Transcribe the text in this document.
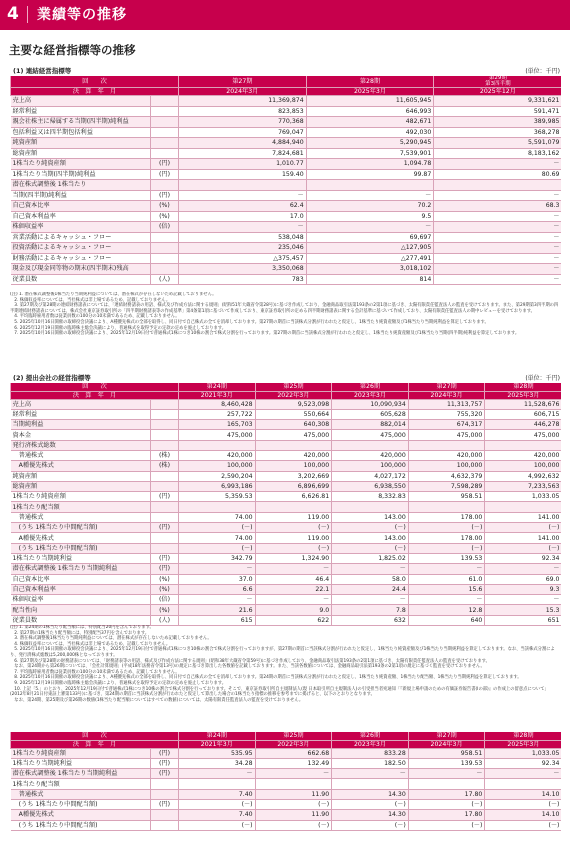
4 業績等の推移
主要な経営指標等の推移
(1) 連結経営指標等	(単位：千円)
回　　次		第27期	第28期	第29期
第3四半期
決　算　年　月		2024年3月	2025年3月	2025年12月
売上高		11,369,874	11,605,945	9,331,621
経常利益		823,853	646,993	591,471
親会社株主に帰属する当期(四半期)純利益		770,368	482,671	389,985
包括利益又は四半期包括利益		769,047	492,030	368,278
純資産額		4,884,940	5,290,945	5,591,079
総資産額		7,824,681	7,539,901	8,183,162
1株当たり純資産額	(円)	1,010.77	1,094.78	－
1株当たり当期(四半期)純利益	(円)	159.40	99.87	80.69
潜在株式調整後 1株当たり				
当期(四半期)純利益	(円)	－	－	－
自己資本比率	(%)	62.4	70.2	68.3
自己資本利益率	(%)	17.0	9.5	－
株価収益率	(倍)	－	－	－
営業活動によるキャッシュ・フロー		538,048	69,697	－
投資活動によるキャッシュ・フロー		235,046	△127,905	－
財務活動によるキャッシュ・フロー		△375,457	△277,491	－
現金及び現金同等物の期末(四半期末)残高		3,350,068	3,018,102	－
従業員数	(人)	783	814	－
(注) 1. 潜在株式調整後1株当たり当期純利益については、潜在株式が存在しないため記載しておりません。
　2. 株価収益率については、当社株式は非上場であるため、記載しておりません。
　3. 第27期及び第28期の連結財務諸表については、「連結財務諸表の用語、様式及び作成方法に関する規則」(昭和51年大蔵省令第28号)に基づき作成しており、金融商品取引法第193条の2第1項に基づき、太陽有限責任監査法人の監査を受けております。また、第29期第3四半期の四半期連結財務諸表については、株式会社東京証券取引所の「四半期財務諸表等の作成基準」第4条第1項に基づいて作成しており、東京証券取引所の定める四半期財務諸表に関する会計基準に基づいて作成しており、太陽有限責任監査法人の期中レビューを受けております。
　4. 平均臨時雇用者数は従業員数の100分の10未満であるため、記載しておりません。
　5. 2025年10月16日開催の取締役会決議により、A種優先株式の全部を取得し、同日付で自己株式の全てを消却しております。第27期の期首に当該株式分割が行われたと仮定し、1株当たり純資産額及び1株当たり当期純利益を算定しております。
　6. 2025年12月19日開催の臨時株主総会決議により、普通株式を取得予定の定款の定めを廃止しております。
　7. 2025年10月16日開催の取締役会決議により、2025年12月19日付で普通株式1株につき10株の割合で株式分割を行っております。第27期の期首に当該株式分割が行われたと仮定し、1株当たり純資産額及び1株当たり当期(四半期)純利益を算定しております。
(2) 提出会社の経営指標等	(単位：千円)
回　　次		第24期	第25期	第26期	第27期	第28期
決　算　年　月		2021年3月	2022年3月	2023年3月	2024年3月	2025年3月
売上高		8,460,428	9,523,098	10,090,934	11,313,757	11,528,676
経常利益		257,722	550,664	605,628	755,320	606,715
当期純利益		165,703	640,308	882,014	674,317	446,278
資本金		475,000	475,000	475,000	475,000	475,000
発行済株式総数						
　普通株式	(株)	420,000	420,000	420,000	420,000	420,000
　A種優先株式	(株)	100,000	100,000	100,000	100,000	100,000
純資産額		2,590,204	3,202,669	4,027,172	4,632,379	4,992,632
総資産額		6,993,186	6,896,699	6,938,550	7,598,289	7,233,563
1株当たり純資産額	(円)	5,359.53	6,626.81	8,332.83	958.51	1,033.05
1株当たり配当額						
　普通株式		74.00	119.00	143.00	178.00	141.00
　(うち 1株当たり中間配当額)	(円)	(－)	(－)	(－)	(－)	(－)
　A種優先株式		74.00	119.00	143.00	178.00	141.00
　(うち 1株当たり中間配当額)		(－)	(－)	(－)	(－)	(－)
1株当たり当期純利益	(円)	342.79	1,324.90	1,825.02	139.53	92.34
潜在株式調整後 1株当たり当期純利益	(円)	－	－	－	－	－
自己資本比率	(%)	37.0	46.4	58.0	61.0	69.0
自己資本利益率	(%)	6.6	22.1	24.4	15.6	9.3
株価収益率	(倍)	－	－	－	－	－
配当性向	(%)	21.6	9.0	7.8	12.8	15.3
従業員数	(人)	615	622	632	640	651
(注) 1. 第24期の1株当たり配当額には、特別配当20円を含んでおります。
　2. 第27期の1株当たり配当額には、特別配当37円を含んでおります。
　3. 潜在株式調整後1株当たり当期純利益については、潜在株式が存在しないため記載しておりません。
　4. 株価収益率については、当社株式は非上場であるため、記載しておりません。
　5. 2025年10月16日開催の取締役会決議により、2025年12月19日付で普通株式1株につき10株の割合で株式分割を行っておりますが、第27期の期首に当該株式分割が行われたと仮定し、1株当たり純資産額及び1株当たり当期純利益を算定しております。なお、当該株式分割により、発行済株式総数は5,200,000株となっております。
　6. 第27期及び第28期の財務諸表については、「財務諸表等の用語、様式及び作成方法に関する規則」(昭和38年大蔵省令第59号)に基づき作成しており、金融商品取引法第193条の2第1項に基づき、太陽有限責任監査法人の監査を受けております。
　なお、第24期から第26期については、「会社計算規則」(平成18年法務省令第13号)の規定に基づき算出した各数値を記載しております。また、当該各数値については、金融商品取引法第193条の2第1項の規定に基づく監査を受けておりません。
　7. 平均臨時雇用者数は従業員数の100分の10未満であるため、記載しておりません。
　8. 2025年10月16日開催の取締役会決議により、A種優先株式の全部を取得し、同日付で自己株式の全てを消却しております。第24期の期首に当該株式分割が行われたと仮定し、1株当たり純資産額、1株当たり配当額、1株当たり当期純利益を算定しております。
　9. 2025年12月19日開催の臨時株主総会決議により、普通株式を取得予定の定款の定めを廃止しております。
　10. 上記「5.」のとおり、2025年12月19日付で普通株式1株につき10株の割合で株式分割を行っております。そこで、東京証券取引所自主規制法人(現 日本取引所自主規制法人)の引受担当者宛通知「『新規上場申請のための有価証券報告書(Ⅰの部)』の作成上の留意点について」(2012年8月21日付東証上審第133号)に基づき、第24期の期首に当該株式分割が行われたと仮定して算出した場合の1株当たり指標の推移を参考までに掲げると、以下のとおりとなります。
　なお、第24期、第25期及び第26期の数値(1株当たり配当額についてはすべての数値)については、太陽有限責任監査法人の監査を受けておりません。
回　　次		第24期	第25期	第26期	第27期	第28期
決　算　年　月		2021年3月	2022年3月	2023年3月	2024年3月	2025年3月
1株当たり純資産額	(円)	535.95	662.68	833.28	958.51	1,033.05
1株当たり当期純利益	(円)	34.28	132.49	182.50	139.53	92.34
潜在株式調整後 1株当たり当期純利益	(円)	－	－	－	－	－
1株当たり配当額						
　普通株式		7.40	11.90	14.30	17.80	14.10
　(うち 1株当たり中間配当額)	(円)	(－)	(－)	(－)	(－)	(－)
　A種優先株式		7.40	11.90	14.30	17.80	14.10
　(うち 1株当たり中間配当額)		(－)	(－)	(－)	(－)	(－)
